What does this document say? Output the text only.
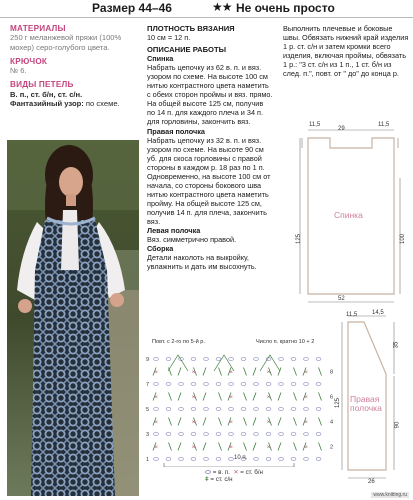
Размер 44–46	★★ Не очень просто
МАТЕРИАЛЫ
250 г меланжевой пряжи (100% мохер) серо-голубого цвета.
КРЮЧОК
№ 6.
ВИДЫ ПЕТЕЛЬ
В. п., ст. б/н, ст. с/н.
Фантазийный узор: по схеме.
ПЛОТНОСТЬ ВЯЗАНИЯ

10 см = 12 п.

ОПИСАНИЕ РАБОТЫ
Спинка

Набрать цепочку из 62 в. п. и вяз. узором по схеме. На высоте 100 см нитью контрастного цвета наметить с обеих сторон проймы и вяз. прямо. На общей высоте 125 см, получив по 14 п. для каждого плеча и 34 п. для горловины, закончить вяз.

Правая полочка

Набрать цепочку из 32 в. п. и вяз. узором по схеме. На высоте 90 см уб. для скоса горловины с правой стороны в каждом р. 18 раз по 1 п. Одновременно, на высоте 100 см от начала, со стороны бокового шва нитью контрастного цвета наметить пройму. На общей высоте 125 см, получив 14 п. для плеча, закончить вяз.

Левая полочка

Вяз. симметрично правой.

Сборка

Детали наколоть на выкройку, увлажнить и дать им высохнуть.

Выполнить плечевые и боковые швы. Обвязать нижний край изделия 1 р. ст. с/н и затем кромки всего изделия, включая проймы, обвязать 1 р.: "3 ст. с/н из 1 п., 1 ст. б/н из след. п.", повт. от " до" до конца р.

11,5
29
11,5
125	100
52
Спинка
11,5 14,5
35
125
90
26
Правая
полочка
Повт. с 2-го по 5-й р.	Число п. кратно 10 + 2
1
2
✕	✕	✕	✕	✕
3
4
✕	✕	✕	✕	✕
5
6
✕	✕	✕	✕	✕
7
8
✕	✕	✕	✕	✕
9
10 п.
= в. п. ✕ = ст. б/н
ǂ = ст. с/н
www.knitting.ru
